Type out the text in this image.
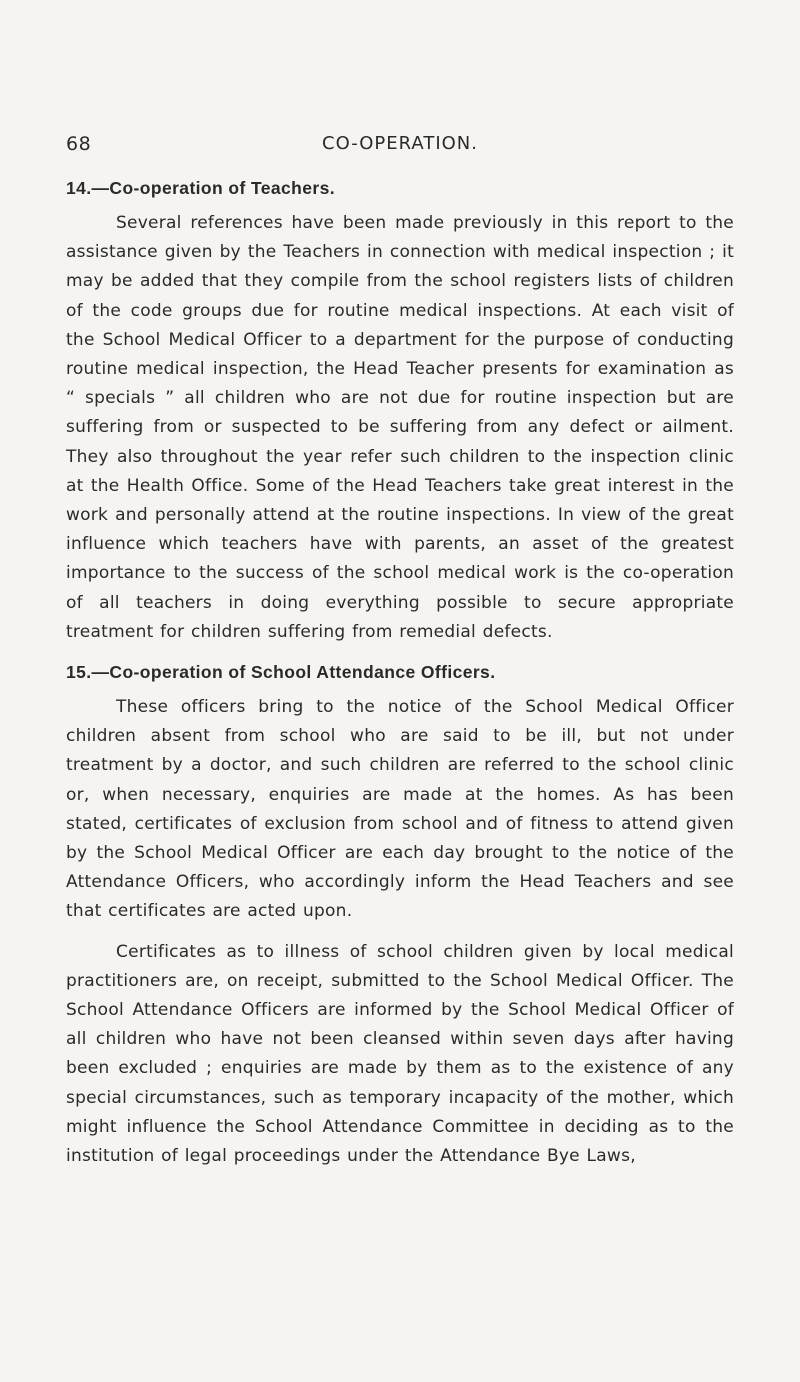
68	CO-OPERATION.
14.—Co-operation of Teachers.

Several references have been made previously in this report to the assistance given by the Teachers in connection with medical inspection ; it may be added that they compile from the school registers lists of children of the code groups due for routine medical inspections. At each visit of the School Medical Officer to a department for the purpose of conducting routine medical inspection, the Head Teacher presents for examination as “ specials ” all children who are not due for routine inspection but are suffering from or suspected to be suffering from any defect or ailment. They also throughout the year refer such children to the inspection clinic at the Health Office. Some of the Head Teachers take great interest in the work and personally attend at the routine inspections. In view of the great influence which teachers have with parents, an asset of the greatest importance to the success of the school medical work is the co-operation of all teachers in doing everything possible to secure appropriate treatment for children suffering from remedial defects.

15.—Co-operation of School Attendance Officers.

These officers bring to the notice of the School Medical Officer children absent from school who are said to be ill, but not under treatment by a doctor, and such children are referred to the school clinic or, when necessary, enquiries are made at the homes. As has been stated, certificates of exclusion from school and of fitness to attend given by the School Medical Officer are each day brought to the notice of the Attendance Officers, who accordingly inform the Head Teachers and see that certificates are acted upon.

Certificates as to illness of school children given by local medical practitioners are, on receipt, submitted to the School Medical Officer. The School Attendance Officers are informed by the School Medical Officer of all children who have not been cleansed within seven days after having been excluded ; enquiries are made by them as to the existence of any special circumstances, such as temporary incapacity of the mother, which might influence the School Attendance Committee in deciding as to the institution of legal proceedings under the Attendance Bye Laws,
